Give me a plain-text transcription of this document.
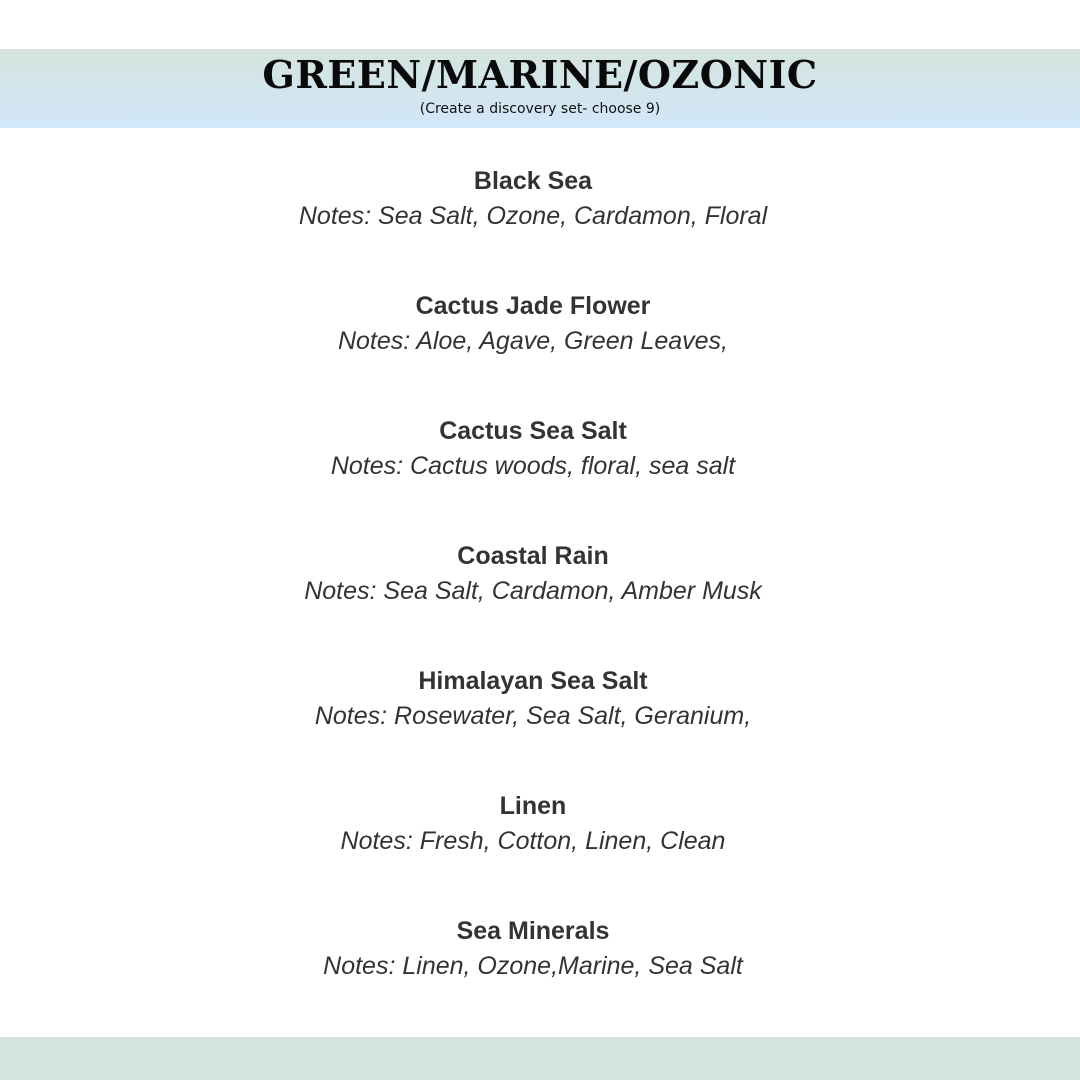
GREEN/MARINE/OZONIC
(Create a discovery set- choose 9)
Black Sea
Notes: Sea Salt, Ozone, Cardamon, Floral
Cactus Jade Flower
Notes: Aloe, Agave, Green Leaves,
Cactus Sea Salt
Notes: Cactus woods, floral, sea salt
Coastal Rain
Notes: Sea Salt, Cardamon, Amber Musk
Himalayan Sea Salt
Notes: Rosewater, Sea Salt, Geranium,
Linen
Notes: Fresh, Cotton, Linen, Clean
Sea Minerals
Notes: Linen, Ozone,Marine, Sea Salt
